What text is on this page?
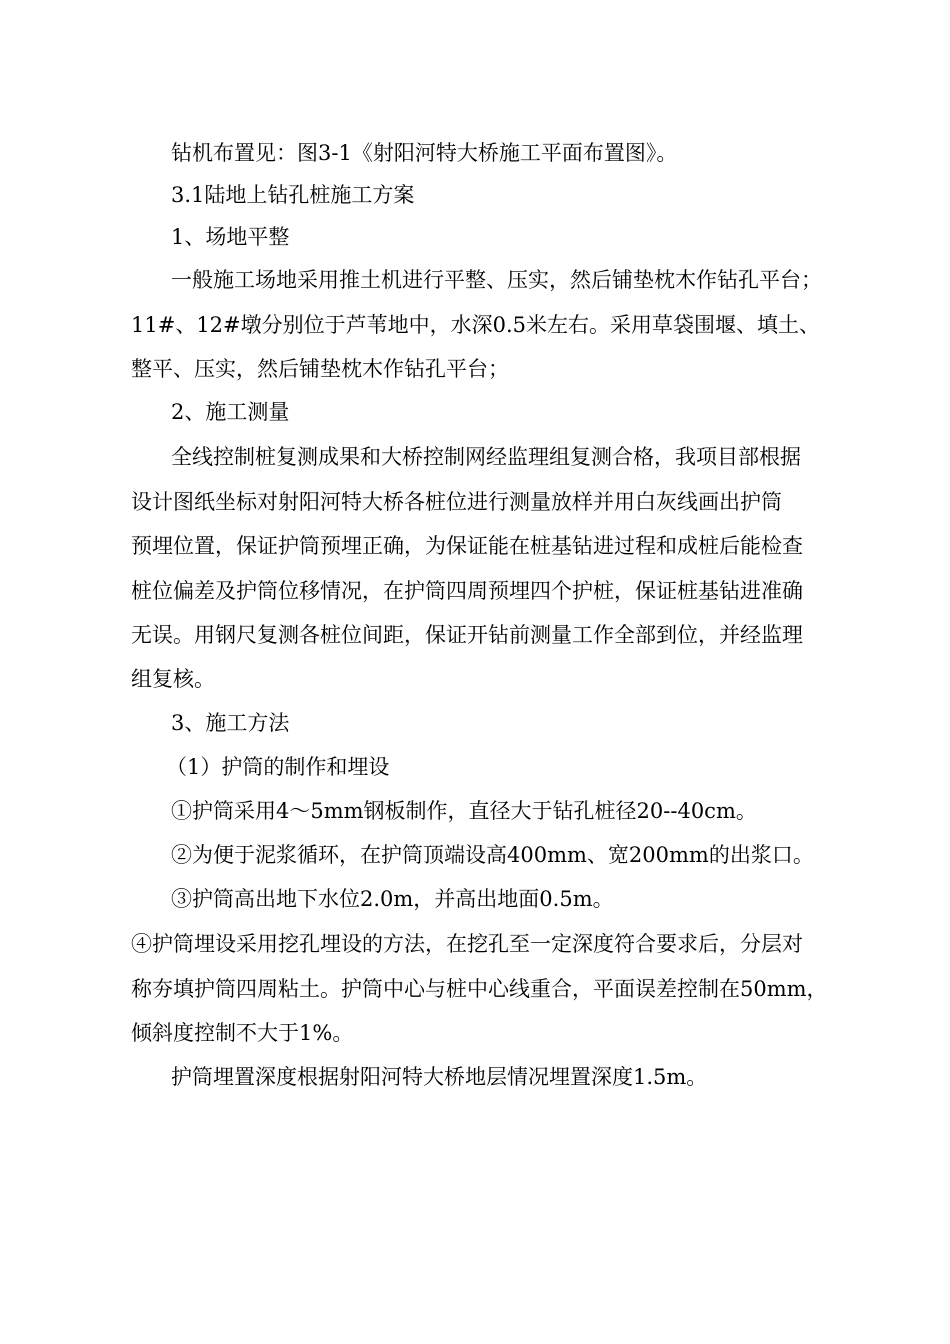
钻机布置见：图3-1《射阳河特大桥施工平面布置图》。
3.1陆地上钻孔桩施工方案
1、场地平整
一般施工场地采用推土机进行平整、压实，然后铺垫枕木作钻孔平台；
11#、12#墩分别位于芦苇地中，水深0.5米左右。采用草袋围堰、填土、
整平、压实，然后铺垫枕木作钻孔平台；
2、施工测量
全线控制桩复测成果和大桥控制网经监理组复测合格，我项目部根据
设计图纸坐标对射阳河特大桥各桩位进行测量放样并用白灰线画出护筒
预埋位置，保证护筒预埋正确，为保证能在桩基钻进过程和成桩后能检查
桩位偏差及护筒位移情况，在护筒四周预埋四个护桩，保证桩基钻进准确
无误。用钢尺复测各桩位间距，保证开钻前测量工作全部到位，并经监理
组复核。
3、施工方法
（1）护筒的制作和埋设
①护筒采用4～5mm钢板制作，直径大于钻孔桩径20--40cm。
②为便于泥浆循环，在护筒顶端设高400mm、宽200mm的出浆口。
③护筒高出地下水位2.0m，并高出地面0.5m。
④护筒埋设采用挖孔埋设的方法，在挖孔至一定深度符合要求后，分层对
称夯填护筒四周粘土。护筒中心与桩中心线重合，平面误差控制在50mm，
倾斜度控制不大于1%。
护筒埋置深度根据射阳河特大桥地层情况埋置深度1.5m。
